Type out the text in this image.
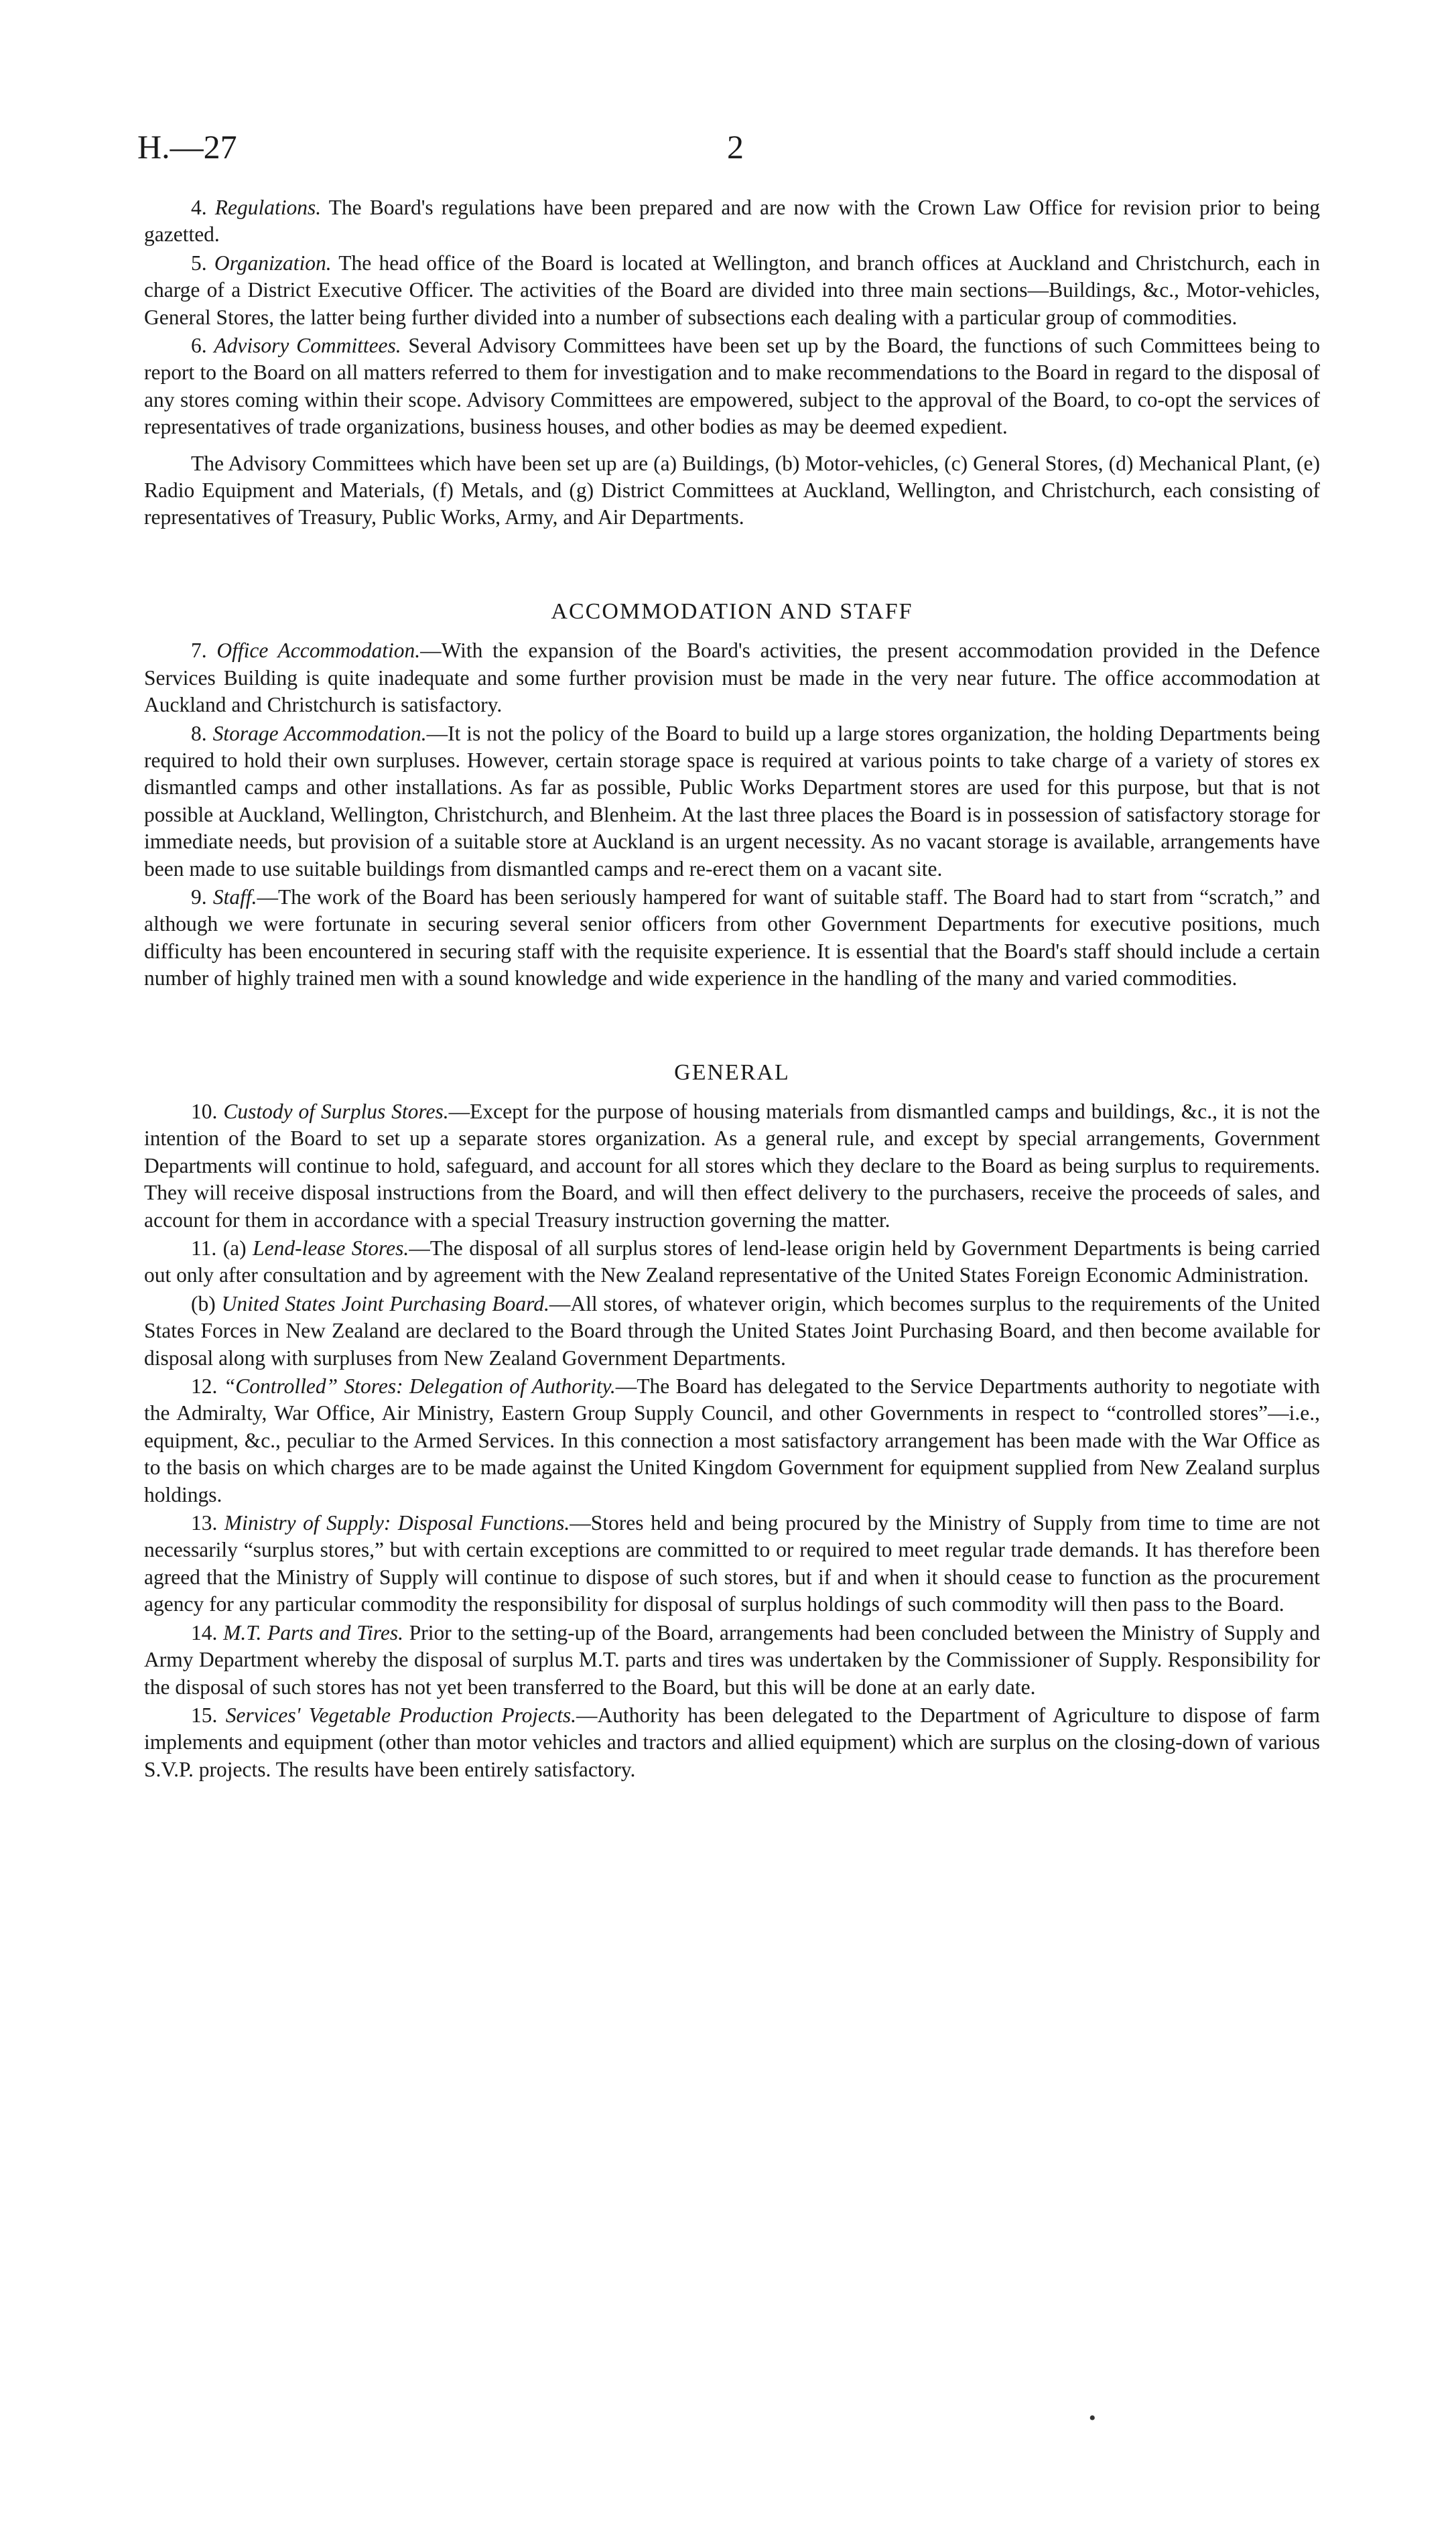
H.—27	2

4. Regulations. The Board's regulations have been prepared and are now with the Crown Law Office for revision prior to being gazetted.

5. Organization. The head office of the Board is located at Wellington, and branch offices at Auckland and Christchurch, each in charge of a District Executive Officer. The activities of the Board are divided into three main sections—Buildings, &c., Motor-vehicles, General Stores, the latter being further divided into a number of subsections each dealing with a particular group of commodities.

6. Advisory Committees. Several Advisory Committees have been set up by the Board, the functions of such Committees being to report to the Board on all matters referred to them for investigation and to make recommendations to the Board in regard to the disposal of any stores coming within their scope. Advisory Committees are empowered, subject to the approval of the Board, to co-opt the services of representatives of trade organizations, business houses, and other bodies as may be deemed expedient.

The Advisory Committees which have been set up are (a) Buildings, (b) Motor-vehicles, (c) General Stores, (d) Mechanical Plant, (e) Radio Equipment and Materials, (f) Metals, and (g) District Committees at Auckland, Wellington, and Christchurch, each consisting of representatives of Treasury, Public Works, Army, and Air Departments.

ACCOMMODATION AND STAFF

7. Office Accommodation.—With the expansion of the Board's activities, the present accommodation provided in the Defence Services Building is quite inadequate and some further provision must be made in the very near future. The office accommodation at Auckland and Christchurch is satisfactory.

8. Storage Accommodation.—It is not the policy of the Board to build up a large stores organization, the holding Departments being required to hold their own surpluses. However, certain storage space is required at various points to take charge of a variety of stores ex dismantled camps and other installations. As far as possible, Public Works Department stores are used for this purpose, but that is not possible at Auckland, Wellington, Christchurch, and Blenheim. At the last three places the Board is in possession of satisfactory storage for immediate needs, but provision of a suitable store at Auckland is an urgent necessity. As no vacant storage is available, arrangements have been made to use suitable buildings from dismantled camps and re-erect them on a vacant site.

9. Staff.—The work of the Board has been seriously hampered for want of suitable staff. The Board had to start from “scratch,” and although we were fortunate in securing several senior officers from other Government Departments for executive positions, much difficulty has been encountered in securing staff with the requisite experience. It is essential that the Board's staff should include a certain number of highly trained men with a sound knowledge and wide experience in the handling of the many and varied commodities.

GENERAL

10. Custody of Surplus Stores.—Except for the purpose of housing materials from dismantled camps and buildings, &c., it is not the intention of the Board to set up a separate stores organization. As a general rule, and except by special arrangements, Government Departments will continue to hold, safeguard, and account for all stores which they declare to the Board as being surplus to requirements. They will receive disposal instructions from the Board, and will then effect delivery to the purchasers, receive the proceeds of sales, and account for them in accordance with a special Treasury instruction governing the matter.

11. (a) Lend-lease Stores.—The disposal of all surplus stores of lend-lease origin held by Government Departments is being carried out only after consultation and by agreement with the New Zealand representative of the United States Foreign Economic Administration.

(b) United States Joint Purchasing Board.—All stores, of whatever origin, which becomes surplus to the requirements of the United States Forces in New Zealand are declared to the Board through the United States Joint Purchasing Board, and then become available for disposal along with surpluses from New Zealand Government Departments.

12. “Controlled” Stores: Delegation of Authority.—The Board has delegated to the Service Departments authority to negotiate with the Admiralty, War Office, Air Ministry, Eastern Group Supply Council, and other Governments in respect to “controlled stores”—i.e., equipment, &c., peculiar to the Armed Services. In this connection a most satisfactory arrangement has been made with the War Office as to the basis on which charges are to be made against the United Kingdom Government for equipment supplied from New Zealand surplus holdings.

13. Ministry of Supply: Disposal Functions.—Stores held and being procured by the Ministry of Supply from time to time are not necessarily “surplus stores,” but with certain exceptions are committed to or required to meet regular trade demands. It has therefore been agreed that the Ministry of Supply will continue to dispose of such stores, but if and when it should cease to function as the procurement agency for any particular commodity the responsibility for disposal of surplus holdings of such commodity will then pass to the Board.

14. M.T. Parts and Tires. Prior to the setting-up of the Board, arrangements had been concluded between the Ministry of Supply and Army Department whereby the disposal of surplus M.T. parts and tires was undertaken by the Commissioner of Supply. Responsibility for the disposal of such stores has not yet been transferred to the Board, but this will be done at an early date.

15. Services' Vegetable Production Projects.—Authority has been delegated to the Department of Agriculture to dispose of farm implements and equipment (other than motor vehicles and tractors and allied equipment) which are surplus on the closing-down of various S.V.P. projects. The results have been entirely satisfactory.

•
